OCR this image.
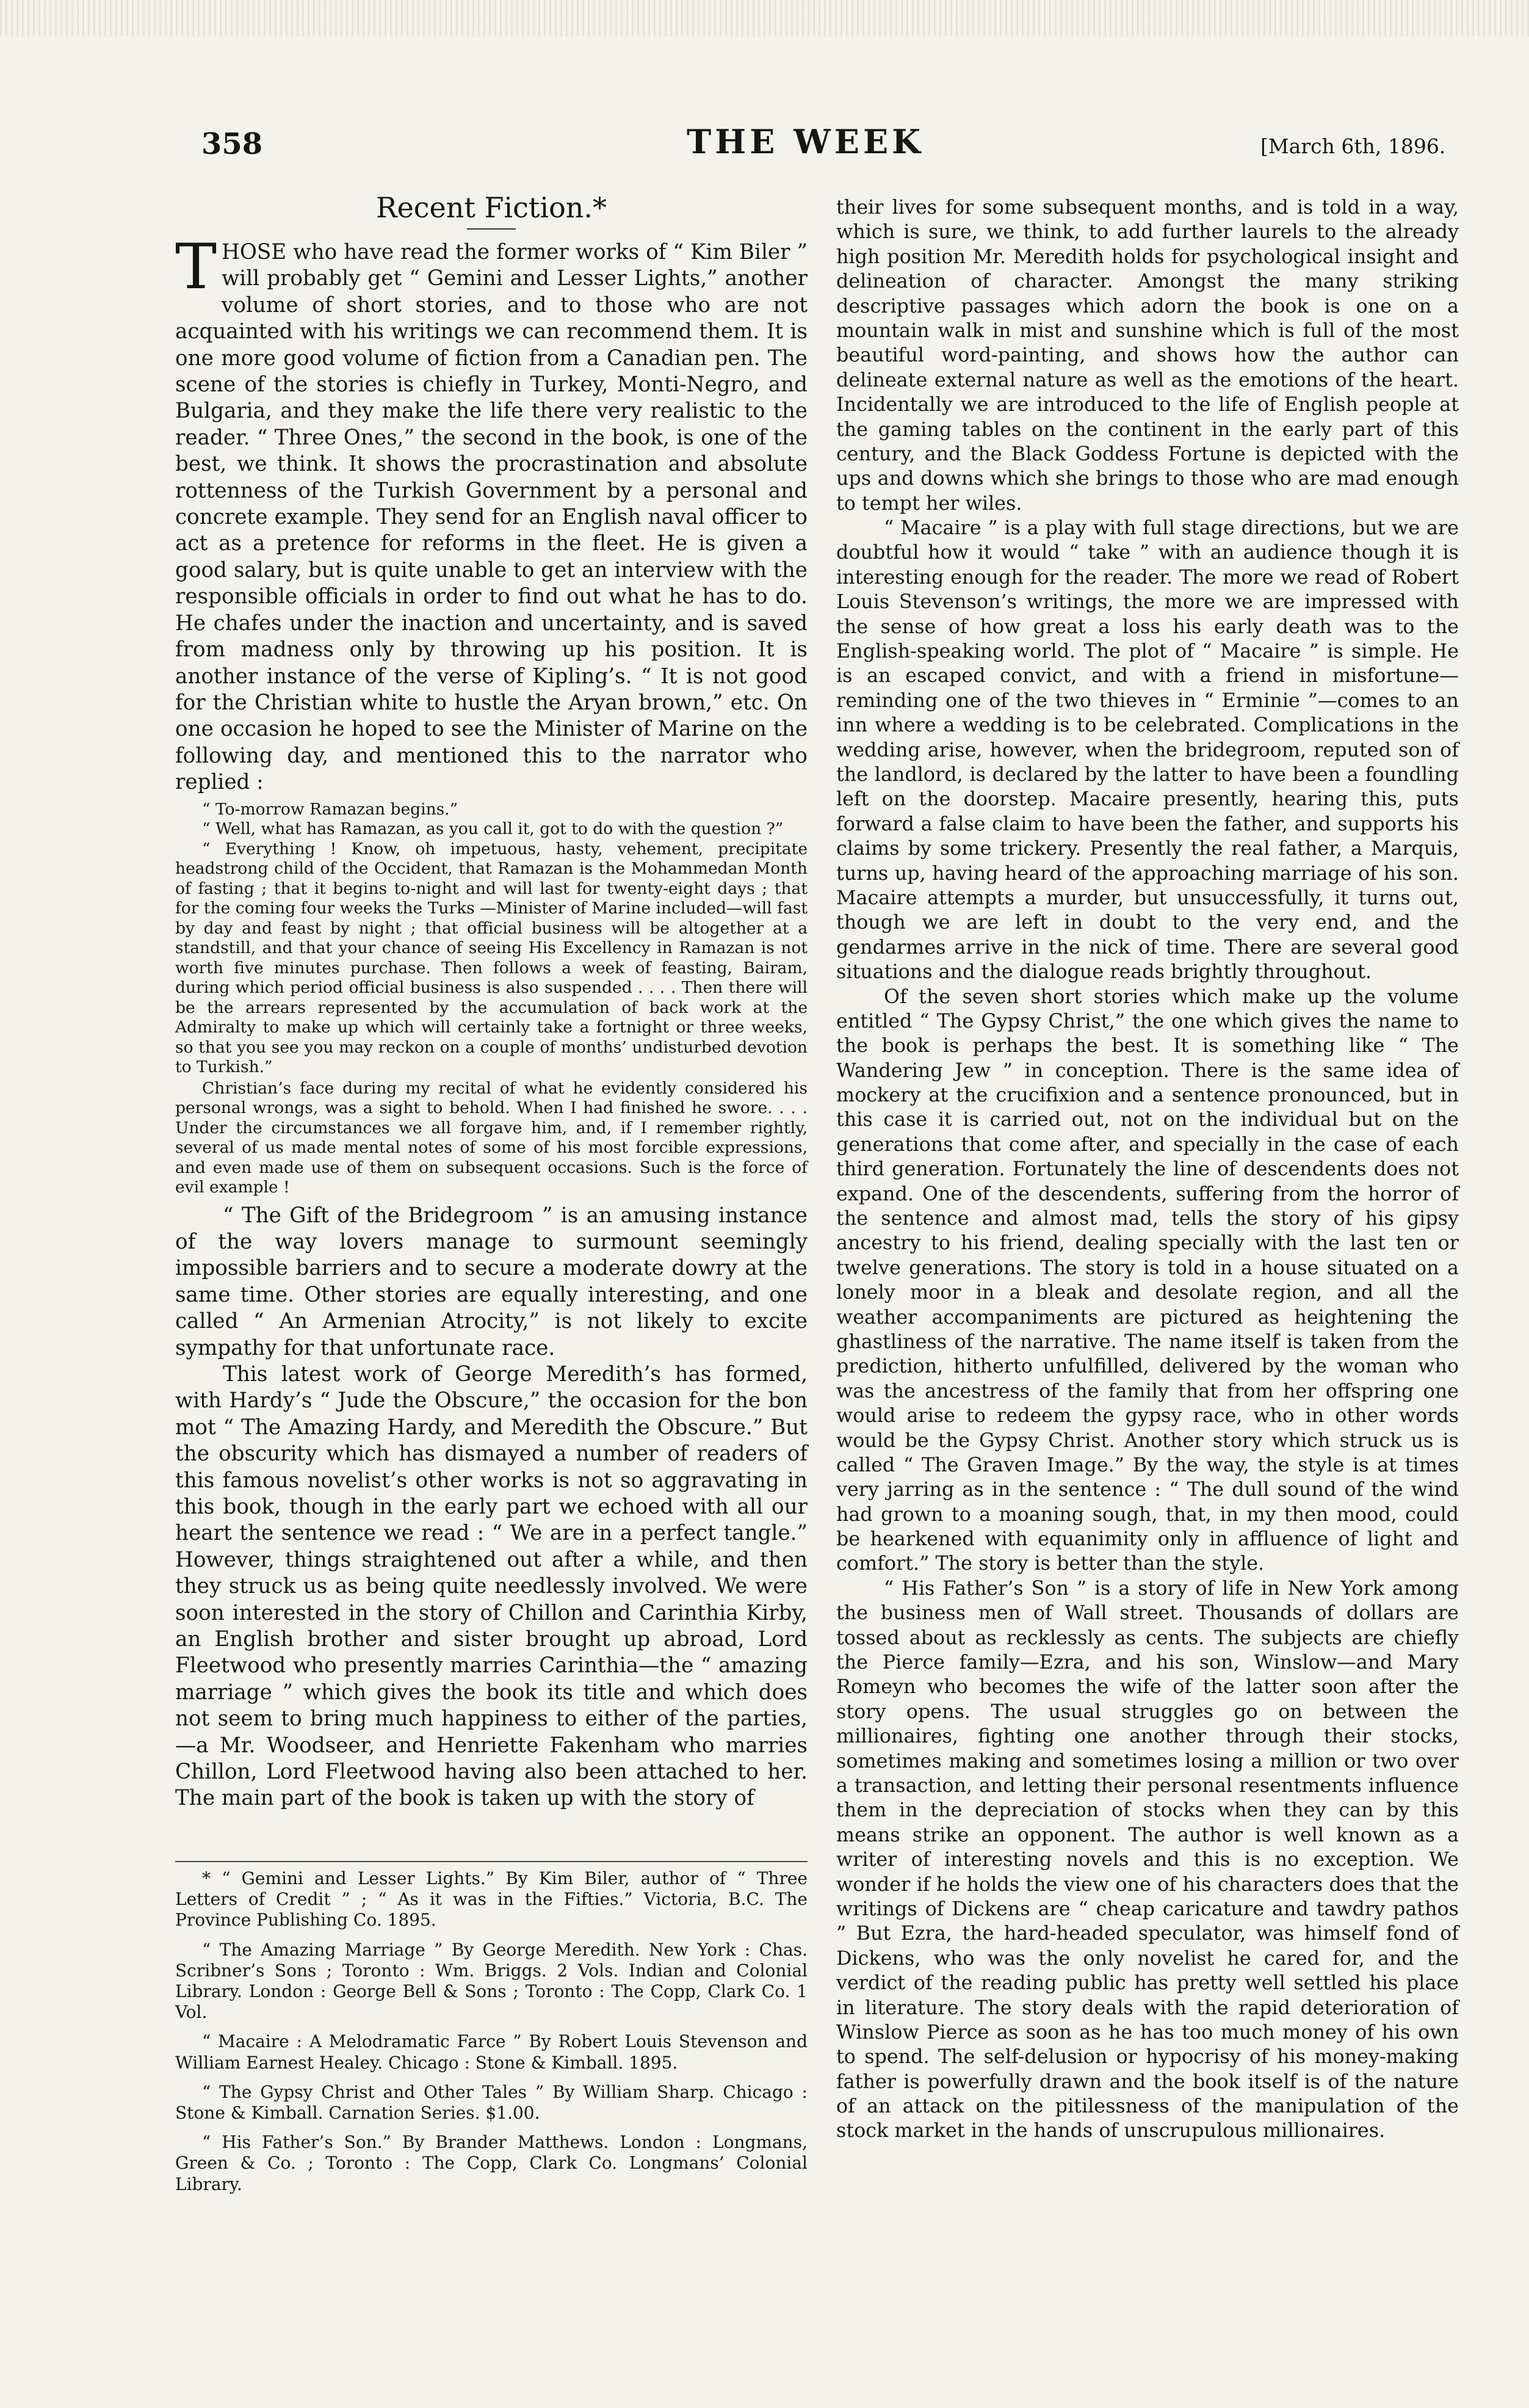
358	THE WEEK	[March 6th, 1896.
Recent Fiction.*

THOSE who have read the former works of “ Kim Biler ” will probably get “ Gemini and Lesser Lights,” another volume of short stories, and to those who are not acquainted with his writings we can recommend them. It is one more good volume of fiction from a Canadian pen. The scene of the stories is chiefly in Turkey, Monti-Negro, and Bulgaria, and they make the life there very realistic to the reader. “ Three Ones,” the second in the book, is one of the best, we think. It shows the procrastination and absolute rottenness of the Turkish Government by a personal and concrete example. They send for an English naval officer to act as a pretence for reforms in the fleet. He is given a good salary, but is quite unable to get an interview with the responsible officials in order to find out what he has to do. He chafes under the inaction and uncertainty, and is saved from madness only by throwing up his position. It is another instance of the verse of Kipling’s. “ It is not good for the Christian white to hustle the Aryan brown,” etc. On one occasion he hoped to see the Minister of Marine on the following day, and mentioned this to the narrator who replied :

“ To-morrow Ramazan begins.”

“ Well, what has Ramazan, as you call it, got to do with the question ?”

“ Everything ! Know, oh impetuous, hasty, vehement, precipitate headstrong child of the Occident, that Ramazan is the Mohammedan Month of fasting ; that it begins to-night and will last for twenty-eight days ; that for the coming four weeks the Turks —Minister of Marine included—will fast by day and feast by night ; that official business will be altogether at a standstill, and that your chance of seeing His Excellency in Ramazan is not worth five minutes purchase. Then follows a week of feasting, Bairam, during which period official business is also suspended . . . . Then there will be the arrears represented by the accumulation of back work at the Admiralty to make up which will certainly take a fortnight or three weeks, so that you see you may reckon on a couple of months’ undisturbed devotion to Turkish.”

Christian’s face during my recital of what he evidently considered his personal wrongs, was a sight to behold. When I had finished he swore. . . . Under the circumstances we all forgave him, and, if I remember rightly, several of us made mental notes of some of his most forcible expressions, and even made use of them on subsequent occasions. Such is the force of evil example !

“ The Gift of the Bridegroom ” is an amusing instance of the way lovers manage to surmount seemingly impossible barriers and to secure a moderate dowry at the same time. Other stories are equally interesting, and one called “ An Armenian Atrocity,” is not likely to excite sympathy for that unfortunate race.

This latest work of George Meredith’s has formed, with Hardy’s “ Jude the Obscure,” the occasion for the bon mot “ The Amazing Hardy, and Meredith the Obscure.” But the obscurity which has dismayed a number of readers of this famous novelist’s other works is not so aggravating in this book, though in the early part we echoed with all our heart the sentence we read : “ We are in a perfect tangle.” However, things straightened out after a while, and then they struck us as being quite needlessly involved. We were soon interested in the story of Chillon and Carinthia Kirby, an English brother and sister brought up abroad, Lord Fleetwood who presently marries Carinthia—the “ amazing marriage ” which gives the book its title and which does not seem to bring much happiness to either of the parties,—a Mr. Woodseer, and Henriette Fakenham who marries Chillon, Lord Fleetwood having also been attached to her. The main part of the book is taken up with the story of

their lives for some subsequent months, and is told in a way, which is sure, we think, to add further laurels to the already high position Mr. Meredith holds for psychological insight and delineation of character. Amongst the many striking descriptive passages which adorn the book is one on a mountain walk in mist and sunshine which is full of the most beautiful word-painting, and shows how the author can delineate external nature as well as the emotions of the heart. Incidentally we are introduced to the life of English people at the gaming tables on the continent in the early part of this century, and the Black Goddess Fortune is depicted with the ups and downs which she brings to those who are mad enough to tempt her wiles.

“ Macaire ” is a play with full stage directions, but we are doubtful how it would “ take ” with an audience though it is interesting enough for the reader. The more we read of Robert Louis Stevenson’s writings, the more we are impressed with the sense of how great a loss his early death was to the English-speaking world. The plot of “ Macaire ” is simple. He is an escaped convict, and with a friend in misfortune—reminding one of the two thieves in “ Erminie ”—comes to an inn where a wedding is to be celebrated. Complications in the wedding arise, however, when the bridegroom, reputed son of the landlord, is declared by the latter to have been a foundling left on the doorstep. Macaire presently, hearing this, puts forward a false claim to have been the father, and supports his claims by some trickery. Presently the real father, a Marquis, turns up, having heard of the approaching marriage of his son. Macaire attempts a murder, but unsuccessfully, it turns out, though we are left in doubt to the very end, and the gendarmes arrive in the nick of time. There are several good situations and the dialogue reads brightly throughout.

Of the seven short stories which make up the volume entitled “ The Gypsy Christ,” the one which gives the name to the book is perhaps the best. It is something like “ The Wandering Jew ” in conception. There is the same idea of mockery at the crucifixion and a sentence pronounced, but in this case it is carried out, not on the individual but on the generations that come after, and specially in the case of each third generation. Fortunately the line of descendents does not expand. One of the descendents, suffering from the horror of the sentence and almost mad, tells the story of his gipsy ancestry to his friend, dealing specially with the last ten or twelve generations. The story is told in a house situated on a lonely moor in a bleak and desolate region, and all the weather accompaniments are pictured as heightening the ghastliness of the narrative. The name itself is taken from the prediction, hitherto unfulfilled, delivered by the woman who was the ancestress of the family that from her offspring one would arise to redeem the gypsy race, who in other words would be the Gypsy Christ. Another story which struck us is called “ The Graven Image.” By the way, the style is at times very jarring as in the sentence : “ The dull sound of the wind had grown to a moaning sough, that, in my then mood, could be hearkened with equanimity only in affluence of light and comfort.” The story is better than the style.

“ His Father’s Son ” is a story of life in New York among the business men of Wall street. Thousands of dollars are tossed about as recklessly as cents. The subjects are chiefly the Pierce family—Ezra, and his son, Winslow—and Mary Romeyn who becomes the wife of the latter soon after the story opens. The usual struggles go on between the millionaires, fighting one another through their stocks, sometimes making and sometimes losing a million or two over a transaction, and letting their personal resentments influence them in the depreciation of stocks when they can by this means strike an opponent. The author is well known as a writer of interesting novels and this is no exception. We wonder if he holds the view one of his characters does that the writings of Dickens are “ cheap caricature and tawdry pathos ” But Ezra, the hard-headed speculator, was himself fond of Dickens, who was the only novelist he cared for, and the verdict of the reading public has pretty well settled his place in literature. The story deals with the rapid deterioration of Winslow Pierce as soon as he has too much money of his own to spend. The self-delusion or hypocrisy of his money-making father is powerfully drawn and the book itself is of the nature of an attack on the pitilessness of the manipulation of the stock market in the hands of unscrupulous millionaires.

* “ Gemini and Lesser Lights.” By Kim Biler, author of “ Three Letters of Credit ” ; “ As it was in the Fifties.” Victoria, B.C. The Province Publishing Co. 1895.

“ The Amazing Marriage ” By George Meredith. New York : Chas. Scribner’s Sons ; Toronto : Wm. Briggs. 2 Vols. Indian and Colonial Library. London : George Bell & Sons ; Toronto : The Copp, Clark Co. 1 Vol.

“ Macaire : A Melodramatic Farce ” By Robert Louis Stevenson and William Earnest Healey. Chicago : Stone & Kimball. 1895.

“ The Gypsy Christ and Other Tales ” By William Sharp. Chicago : Stone & Kimball. Carnation Series. $1.00.

“ His Father’s Son.” By Brander Matthews. London : Longmans, Green & Co. ; Toronto : The Copp, Clark Co. Longmans’ Colonial Library.
